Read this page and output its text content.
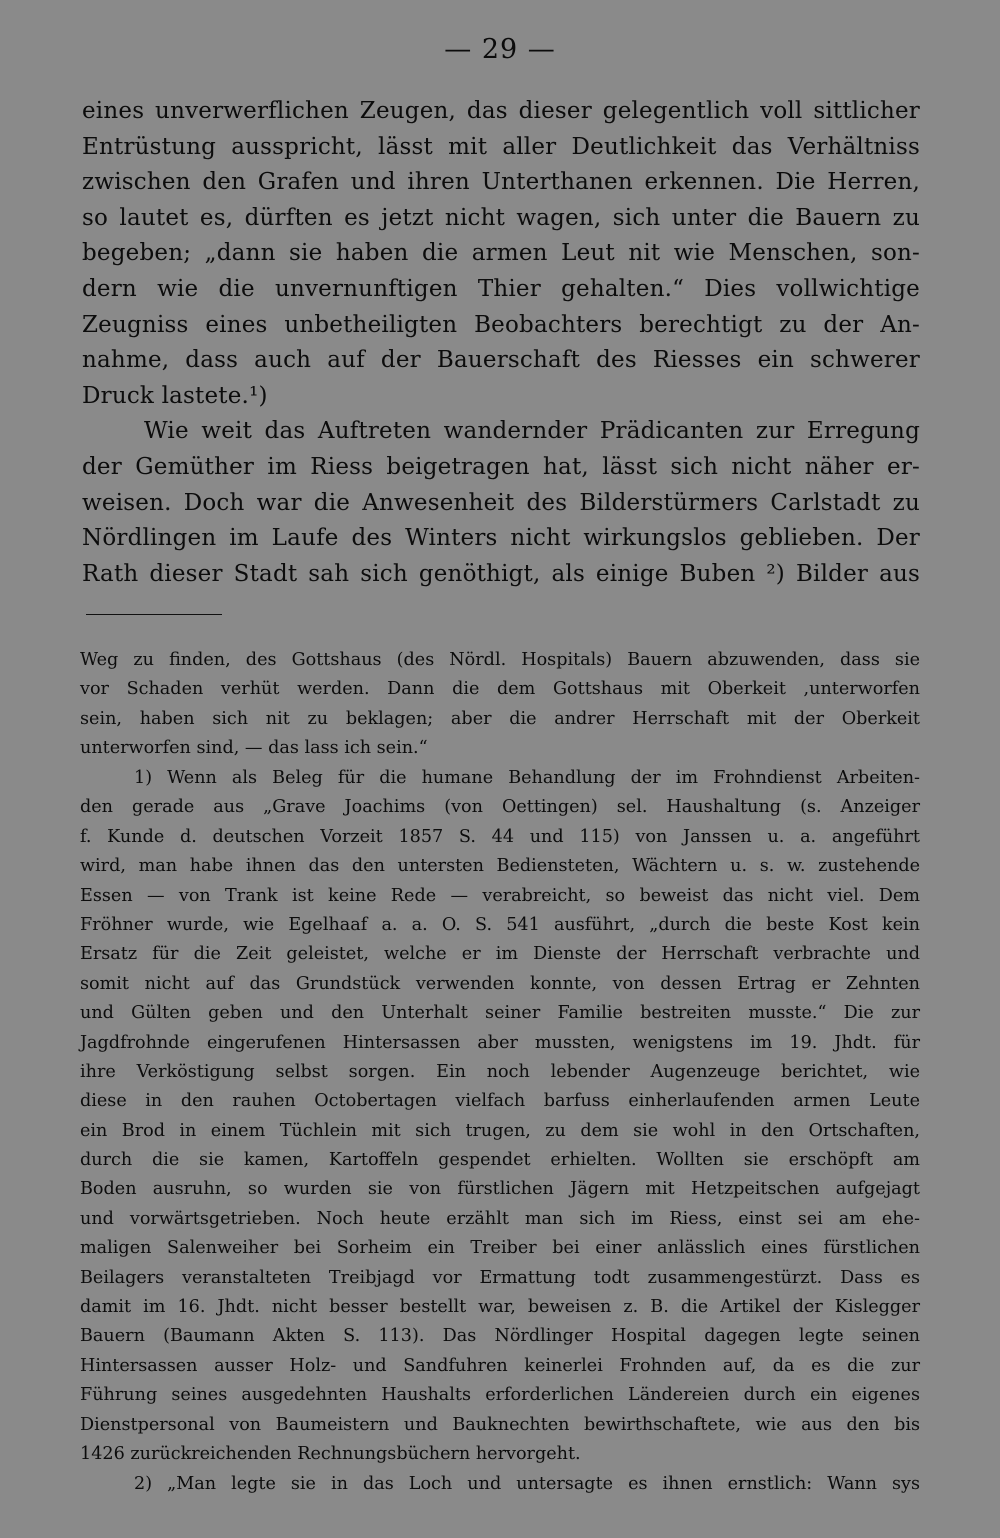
— 29 —
eines unverwerflichen Zeugen, das dieser gelegentlich voll sittlicher
Entrüstung ausspricht, lässt mit aller Deutlichkeit das Verhältniss
zwischen den Grafen und ihren Unterthanen erkennen. Die Herren,
so lautet es, dürften es jetzt nicht wagen, sich unter die Bauern zu
begeben; „dann sie haben die armen Leut nit wie Menschen, son-
dern wie die unvernunftigen Thier gehalten.“ Dies vollwichtige
Zeugniss eines unbetheiligten Beobachters berechtigt zu der An-
nahme, dass auch auf der Bauerschaft des Riesses ein schwerer
Druck lastete.¹)
Wie weit das Auftreten wandernder Prädicanten zur Erregung
der Gemüther im Riess beigetragen hat, lässt sich nicht näher er-
weisen. Doch war die Anwesenheit des Bilderstürmers Carlstadt zu
Nördlingen im Laufe des Winters nicht wirkungslos geblieben. Der
Rath dieser Stadt sah sich genöthigt, als einige Buben ²) Bilder aus
Weg zu finden, des Gottshaus (des Nördl. Hospitals) Bauern abzuwenden, dass sie
vor Schaden verhüt werden. Dann die dem Gottshaus mit Oberkeit ,unterworfen
sein, haben sich nit zu beklagen; aber die andrer Herrschaft mit der Oberkeit
unterworfen sind, — das lass ich sein.“
1) Wenn als Beleg für die humane Behandlung der im Frohndienst Arbeiten-
den gerade aus „Grave Joachims (von Oettingen) sel. Haushaltung (s. Anzeiger
f. Kunde d. deutschen Vorzeit 1857 S. 44 und 115) von Janssen u. a. angeführt
wird, man habe ihnen das den untersten Bediensteten, Wächtern u. s. w. zustehende
Essen — von Trank ist keine Rede — verabreicht, so beweist das nicht viel. Dem
Fröhner wurde, wie Egelhaaf a. a. O. S. 541 ausführt, „durch die beste Kost kein
Ersatz für die Zeit geleistet, welche er im Dienste der Herrschaft verbrachte und
somit nicht auf das Grundstück verwenden konnte, von dessen Ertrag er Zehnten
und Gülten geben und den Unterhalt seiner Familie bestreiten musste.“ Die zur
Jagdfrohnde eingerufenen Hintersassen aber mussten, wenigstens im 19. Jhdt. für
ihre Verköstigung selbst sorgen. Ein noch lebender Augenzeuge berichtet, wie
diese in den rauhen Octobertagen vielfach barfuss einherlaufenden armen Leute
ein Brod in einem Tüchlein mit sich trugen, zu dem sie wohl in den Ortschaften,
durch die sie kamen, Kartoffeln gespendet erhielten. Wollten sie erschöpft am
Boden ausruhn, so wurden sie von fürstlichen Jägern mit Hetzpeitschen aufgejagt
und vorwärtsgetrieben. Noch heute erzählt man sich im Riess, einst sei am ehe-
maligen Salenweiher bei Sorheim ein Treiber bei einer anlässlich eines fürstlichen
Beilagers veranstalteten Treibjagd vor Ermattung todt zusammengestürzt. Dass es
damit im 16. Jhdt. nicht besser bestellt war, beweisen z. B. die Artikel der Kislegger
Bauern (Baumann Akten S. 113). Das Nördlinger Hospital dagegen legte seinen
Hintersassen ausser Holz- und Sandfuhren keinerlei Frohnden auf, da es die zur
Führung seines ausgedehnten Haushalts erforderlichen Ländereien durch ein eigenes
Dienstpersonal von Baumeistern und Bauknechten bewirthschaftete, wie aus den bis
1426 zurückreichenden Rechnungsbüchern hervorgeht.
2) „Man legte sie in das Loch und untersagte es ihnen ernstlich: Wann sys
